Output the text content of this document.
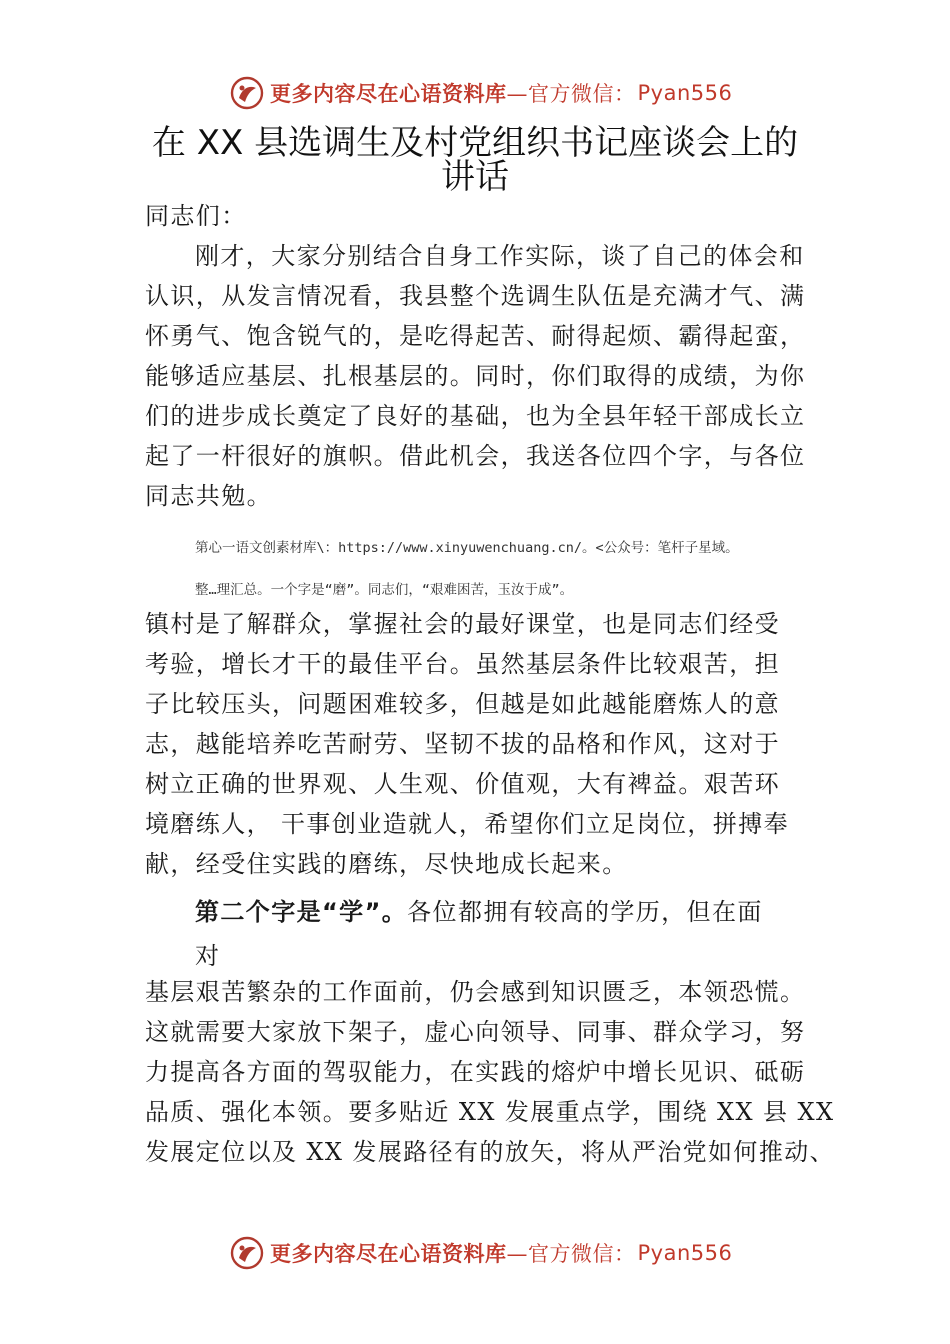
更多内容尽在心语资料库 —官方微信： Pyan556
在 XX 县选调生及村党组织书记座谈会上的
讲话
同志们：
刚才，大家分别结合自身工作实际，谈了自己的体会和
认识，从发言情况看，我县整个选调生队伍是充满才气、满
怀勇气、饱含锐气的，是吃得起苦、耐得起烦、霸得起蛮，
能够适应基层、扎根基层的。同时，你们取得的成绩，为你
们的进步成长奠定了良好的基础，也为全县年轻干部成长立
起了一杆很好的旗帜。借此机会，我送各位四个字，与各位
同志共勉。
第心一语文创素材库\：https://www.xinyuwenchuang.cn/。<公众号：笔杆子星域。
整…理汇总。一个字是“磨”。同志们，“艰难困苦，玉汝于成”。
镇村是了解群众，掌握社会的最好课堂，也是同志们经受
考验，增长才干的最佳平台。虽然基层条件比较艰苦，担
子比较压头，问题困难较多，但越是如此越能磨炼人的意
志，越能培养吃苦耐劳、坚韧不拔的品格和作风，这对于
树立正确的世界观、人生观、价值观，大有裨益。艰苦环
境磨练人， 干事创业造就人，希望你们立足岗位，拼搏奉
献，经受住实践的磨练，尽快地成长起来。
第二个字是“学”。各位都拥有较高的学历，但在面
对
基层艰苦繁杂的工作面前，仍会感到知识匮乏，本领恐慌。
这就需要大家放下架子，虚心向领导、同事、群众学习，努
力提高各方面的驾驭能力，在实践的熔炉中增长见识、砥砺
品质、强化本领。要多贴近 XX 发展重点学，围绕 XX 县 XX
发展定位以及 XX 发展路径有的放矢，将从严治党如何推动、
更多内容尽在心语资料库 —官方微信： Pyan556
